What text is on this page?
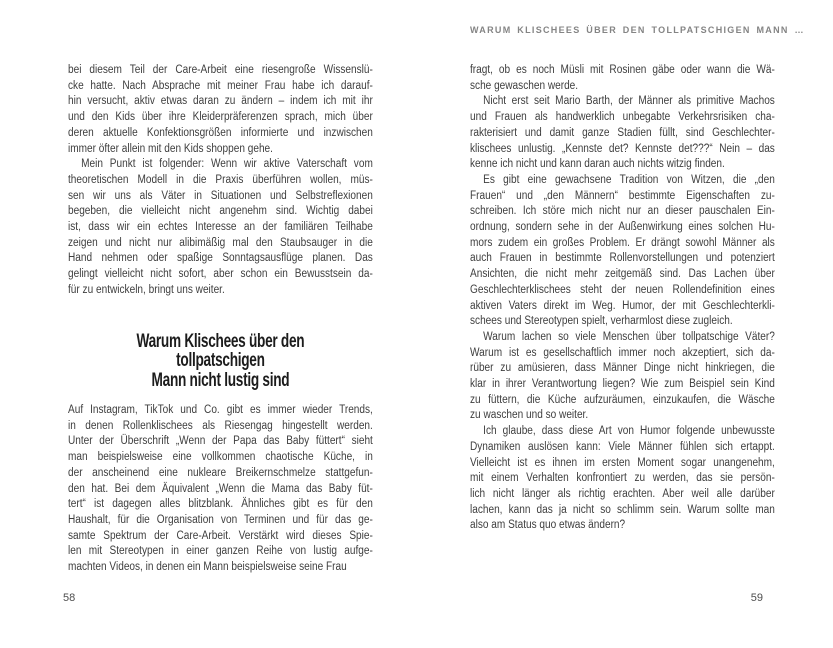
WARUM KLISCHEES ÜBER DEN TOLLPATSCHIGEN MANN …
bei diesem Teil der Care-Arbeit eine riesengroße Wissenslü-
cke hatte. Nach Absprache mit meiner Frau habe ich darauf-
hin versucht, aktiv etwas daran zu ändern – indem ich mit ihr
und den Kids über ihre Kleiderpräferenzen sprach, mich über
deren aktuelle Konfektionsgrößen informierte und inzwischen
immer öfter allein mit den Kids shoppen gehe.
Mein Punkt ist folgender: Wenn wir aktive Vaterschaft vom
theoretischen Modell in die Praxis überführen wollen, müs-
sen wir uns als Väter in Situationen und Selbstreflexionen
begeben, die vielleicht nicht angenehm sind. Wichtig dabei
ist, dass wir ein echtes Interesse an der familiären Teilhabe
zeigen und nicht nur alibimäßig mal den Staubsauger in die
Hand nehmen oder spaßige Sonntagsausflüge planen. Das
gelingt vielleicht nicht sofort, aber schon ein Bewusstsein da-
für zu entwickeln, bringt uns weiter.
Warum Klischees über den tollpatschigen
Mann nicht lustig sind
Auf Instagram, TikTok und Co. gibt es immer wieder Trends,
in denen Rollenklischees als Riesengag hingestellt werden.
Unter der Überschrift „Wenn der Papa das Baby füttert“ sieht
man beispielsweise eine vollkommen chaotische Küche, in
der anscheinend eine nukleare Breikernschmelze stattgefun-
den hat. Bei dem Äquivalent „Wenn die Mama das Baby füt-
tert“ ist dagegen alles blitzblank. Ähnliches gibt es für den
Haushalt, für die Organisation von Terminen und für das ge-
samte Spektrum der Care-Arbeit. Verstärkt wird dieses Spie-
len mit Stereotypen in einer ganzen Reihe von lustig aufge-
machten Videos, in denen ein Mann beispielsweise seine Frau
fragt, ob es noch Müsli mit Rosinen gäbe oder wann die Wä-
sche gewaschen werde.
Nicht erst seit Mario Barth, der Männer als primitive Machos
und Frauen als handwerklich unbegabte Verkehrsrisiken cha-
rakterisiert und damit ganze Stadien füllt, sind Geschlechter-
klischees unlustig. „Kennste det? Kennste det???“ Nein – das
kenne ich nicht und kann daran auch nichts witzig finden.
Es gibt eine gewachsene Tradition von Witzen, die „den
Frauen“ und „den Männern“ bestimmte Eigenschaften zu-
schreiben. Ich störe mich nicht nur an dieser pauschalen Ein-
ordnung, sondern sehe in der Außenwirkung eines solchen Hu-
mors zudem ein großes Problem. Er drängt sowohl Männer als
auch Frauen in bestimmte Rollenvorstellungen und potenziert
Ansichten, die nicht mehr zeitgemäß sind. Das Lachen über
Geschlechterklischees steht der neuen Rollendefinition eines
aktiven Vaters direkt im Weg. Humor, der mit Geschlechterkli-
schees und Stereotypen spielt, verharmlost diese zugleich.
Warum lachen so viele Menschen über tollpatschige Väter?
Warum ist es gesellschaftlich immer noch akzeptiert, sich da-
rüber zu amüsieren, dass Männer Dinge nicht hinkriegen, die
klar in ihrer Verantwortung liegen? Wie zum Beispiel sein Kind
zu füttern, die Küche aufzuräumen, einzukaufen, die Wäsche
zu waschen und so weiter.
Ich glaube, dass diese Art von Humor folgende unbewusste
Dynamiken auslösen kann: Viele Männer fühlen sich ertappt.
Vielleicht ist es ihnen im ersten Moment sogar unangenehm,
mit einem Verhalten konfrontiert zu werden, das sie persön-
lich nicht länger als richtig erachten. Aber weil alle darüber
lachen, kann das ja nicht so schlimm sein. Warum sollte man
also am Status quo etwas ändern?
58	59
